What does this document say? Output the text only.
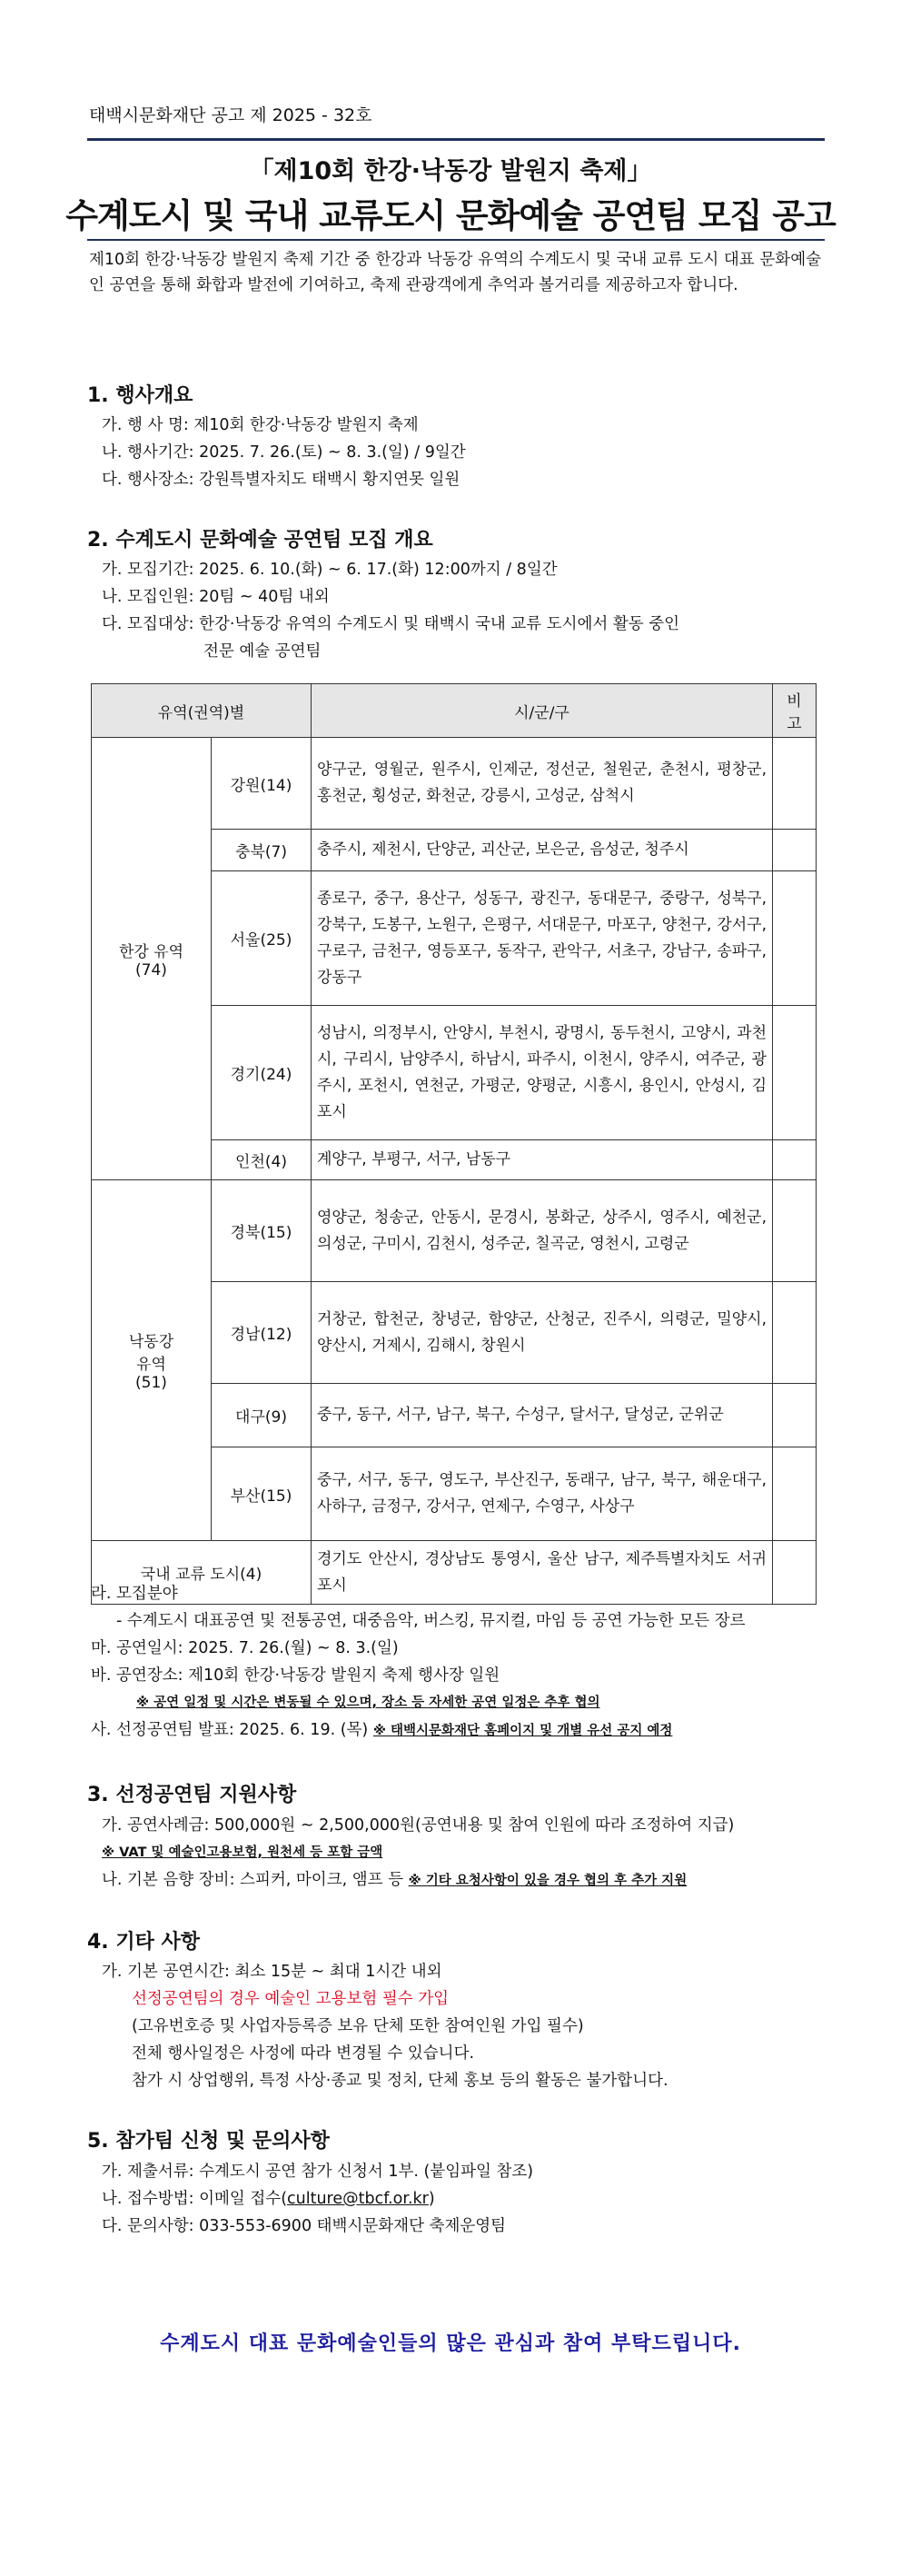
태백시문화재단 공고 제 2025 - 32호
「제10회 한강·낙동강 발원지 축제」
수계도시 및 국내 교류도시 문화예술 공연팀 모집 공고
제10회 한강·낙동강 발원지 축제 기간 중 한강과 낙동강 유역의 수계도시 및 국내 교류 도시 대표 문화예술인 공연을 통해 화합과 발전에 기여하고, 축제 관광객에게 추억과 볼거리를 제공하고자 합니다.
1. 행사개요
가. 행 사 명: 제10회 한강·낙동강 발원지 축제
나. 행사기간: 2025. 7. 26.(토) ~ 8. 3.(일) / 9일간
다. 행사장소: 강원특별자치도 태백시 황지연못 일원
2. 수계도시 문화예술 공연팀 모집 개요
가. 모집기간: 2025. 6. 10.(화) ~ 6. 17.(화) 12:00까지 / 8일간
나. 모집인원: 20팀 ~ 40팀 내외
다. 모집대상: 한강·낙동강 유역의 수계도시 및 태백시 국내 교류 도시에서 활동 중인
전문 예술 공연팀
유역(권역)별		시/군/구	비 고

한강 유역
(74)	강원(14)	양구군, 영월군, 원주시, 인제군, 정선군, 철원군, 춘천시, 평창군, 홍천군, 횡성군, 화천군, 강릉시, 고성군, 삼척시	
	충북(7)	충주시, 제천시, 단양군, 괴산군, 보은군, 음성군, 청주시	
	서울(25)	종로구, 중구, 용산구, 성동구, 광진구, 동대문구, 중랑구, 성북구, 강북구, 도봉구, 노원구, 은평구, 서대문구, 마포구, 양천구, 강서구, 구로구, 금천구, 영등포구, 동작구, 관악구, 서초구, 강남구, 송파구, 강동구	
	경기(24)	성남시, 의정부시, 안양시, 부천시, 광명시, 동두천시, 고양시, 과천시, 구리시, 남양주시, 하남시, 파주시, 이천시, 양주시, 여주군, 광주시, 포천시, 연천군, 가평군, 양평군, 시흥시, 용인시, 안성시, 김포시	
	인천(4)	계양구, 부평구, 서구, 남동구	

낙동강
유역
(51)	경북(15)	영양군, 청송군, 안동시, 문경시, 봉화군, 상주시, 영주시, 예천군, 의성군, 구미시, 김천시, 성주군, 칠곡군, 영천시, 고령군	
	경남(12)	거창군, 합천군, 창녕군, 함양군, 산청군, 진주시, 의령군, 밀양시, 양산시, 거제시, 김해시, 창원시	
	대구(9)	중구, 동구, 서구, 남구, 북구, 수성구, 달서구, 달성군, 군위군	
	부산(15)	중구, 서구, 동구, 영도구, 부산진구, 동래구, 남구, 북구, 해운대구, 사하구, 금정구, 강서구, 연제구, 수영구, 사상구	
국내 교류 도시(4)		경기도 안산시, 경상남도 통영시, 울산 남구, 제주특별자치도 서귀포시	
라. 모집분야
- 수계도시 대표공연 및 전통공연, 대중음악, 버스킹, 뮤지컬, 마임 등 공연 가능한 모든 장르
마. 공연일시: 2025. 7. 26.(월) ~ 8. 3.(일)
바. 공연장소: 제10회 한강·낙동강 발원지 축제 행사장 일원
※ 공연 일정 및 시간은 변동될 수 있으며, 장소 등 자세한 공연 일정은 추후 협의
사. 선정공연팀 발표: 2025. 6. 19. (목) ※ 태백시문화재단 홈페이지 및 개별 유선 공지 예정
3. 선정공연팀 지원사항
가. 공연사례금: 500,000원 ~ 2,500,000원(공연내용 및 참여 인원에 따라 조정하여 지급)
※ VAT 및 예술인고용보험, 원천세 등 포함 금액
나. 기본 음향 장비: 스피커, 마이크, 앰프 등 ※ 기타 요청사항이 있을 경우 협의 후 추가 지원
4. 기타 사항
가. 기본 공연시간: 최소 15분 ~ 최대 1시간 내외
선정공연팀의 경우 예술인 고용보험 필수 가입
(고유번호증 및 사업자등록증 보유 단체 또한 참여인원 가입 필수)
전체 행사일정은 사정에 따라 변경될 수 있습니다.
참가 시 상업행위, 특정 사상·종교 및 정치, 단체 홍보 등의 활동은 불가합니다.
5. 참가팀 신청 및 문의사항
가. 제출서류: 수계도시 공연 참가 신청서 1부. (붙임파일 참조)
나. 접수방법: 이메일 접수(culture@tbcf.or.kr)
다. 문의사항: 033-553-6900 태백시문화재단 축제운영팀
수계도시 대표 문화예술인들의 많은 관심과 참여 부탁드립니다.
